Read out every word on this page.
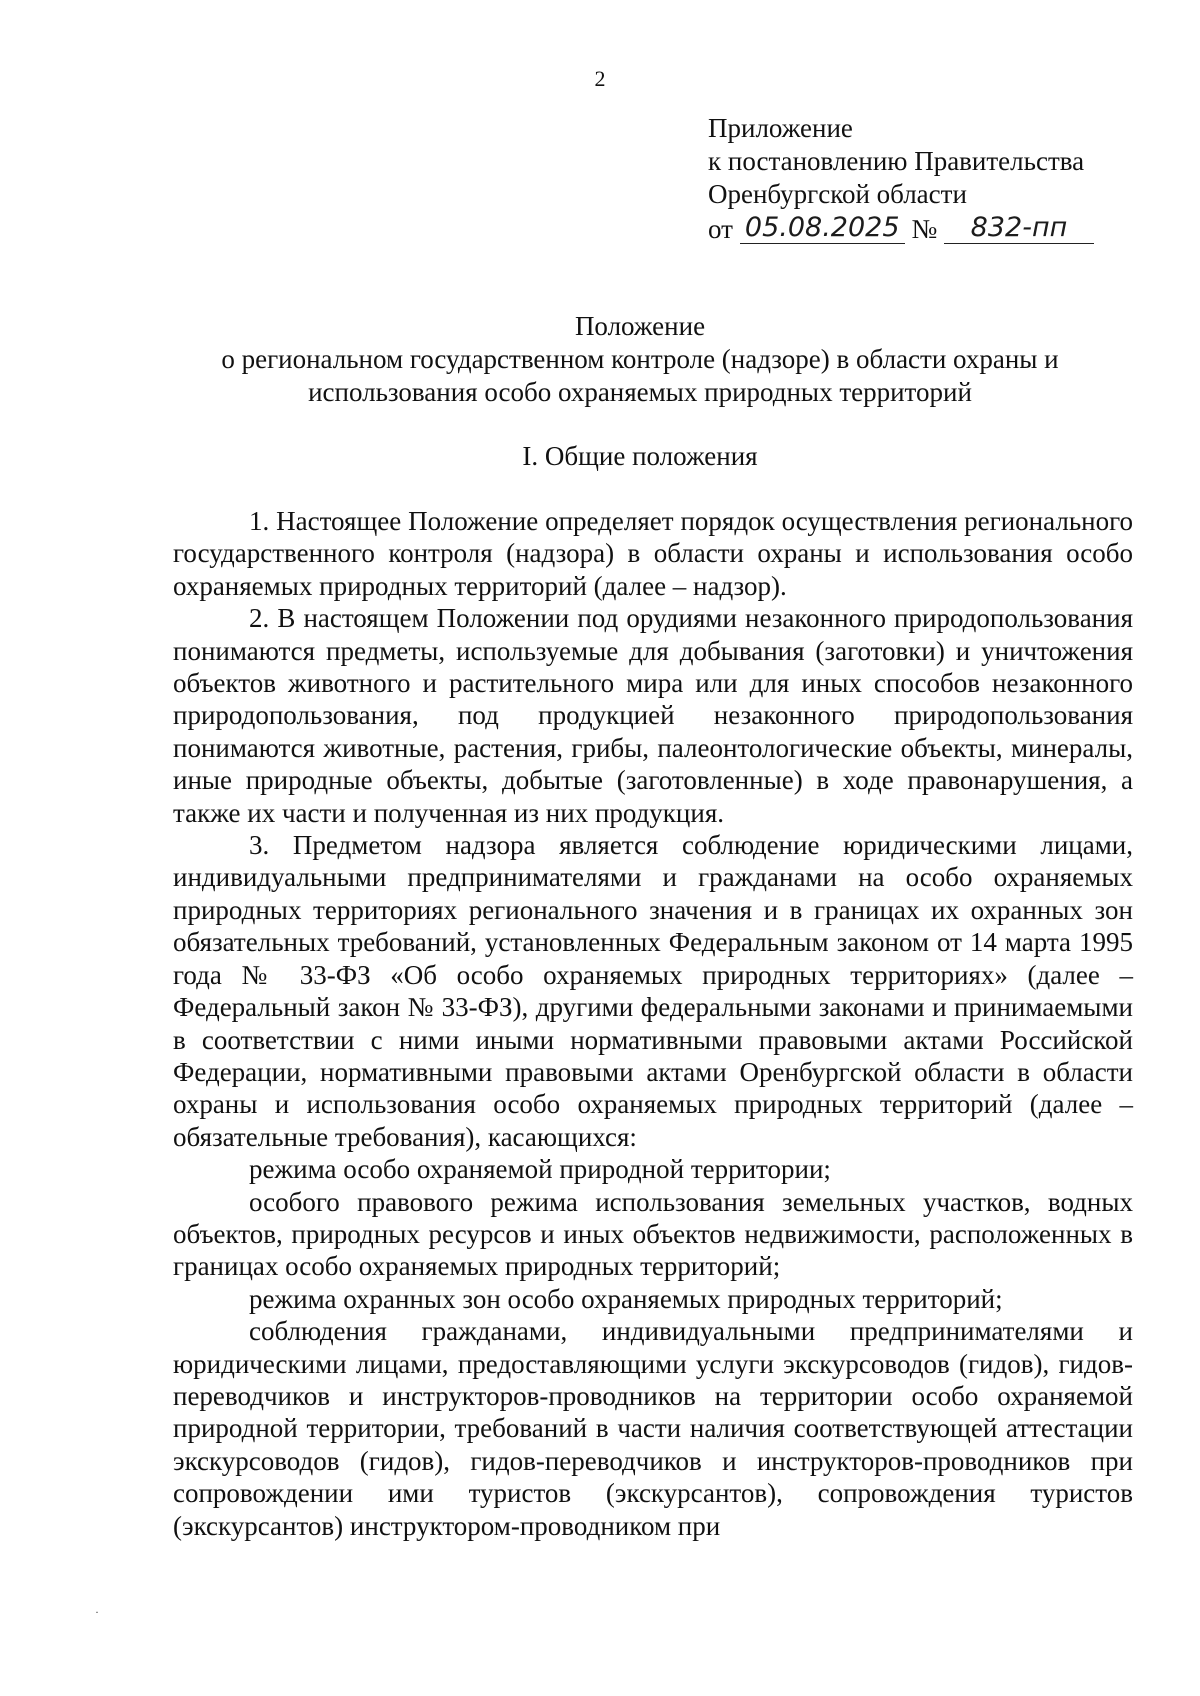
2
Приложение
к постановлению Правительства
Оренбургской области
от 05.08.2025 № 832-пп
Положение
о региональном государственном контроле (надзоре) в области охраны и использования особо охраняемых природных территорий
I. Общие положения

1. Настоящее Положение определяет порядок осуществления регионального государственного контроля (надзора) в области охраны и использования особо охраняемых природных территорий (далее – надзор).

2. В настоящем Положении под орудиями незаконного природопользования понимаются предметы, используемые для добывания (заготовки) и уничтожения объектов животного и растительного мира или для иных способов незаконного природопользования, под продукцией незаконного природопользования понимаются животные, растения, грибы, палеонтологические объекты, минералы, иные природные объекты, добытые (заготовленные) в ходе правонарушения, а также их части и полученная из них продукция.

3. Предметом надзора является соблюдение юридическими лицами, индивидуальными предпринимателями и гражданами на особо охраняемых природных территориях регионального значения и в границах их охранных зон обязательных требований, установленных Федеральным законом от 14 марта 1995 года № 33-ФЗ «Об особо охраняемых природных территориях» (далее – Федеральный закон № 33-ФЗ), другими федеральными законами и принимаемыми в соответствии с ними иными нормативными правовыми актами Российской Федерации, нормативными правовыми актами Оренбургской области в области охраны и использования особо охраняемых природных территорий (далее – обязательные требования), касающихся:

режима особо охраняемой природной территории;

особого правового режима использования земельных участков, водных объектов, природных ресурсов и иных объектов недвижимости, расположенных в границах особо охраняемых природных территорий;

режима охранных зон особо охраняемых природных территорий;

соблюдения гражданами, индивидуальными предпринимателями и юридическими лицами, предоставляющими услуги экскурсоводов (гидов), гидов-переводчиков и инструкторов-проводников на территории особо охраняемой природной территории, требований в части наличия соответствующей аттестации экскурсоводов (гидов), гидов-переводчиков и инструкторов-проводников при сопровождении ими туристов (экскурсантов), сопровождения туристов (экскурсантов) инструктором-проводником при

·
